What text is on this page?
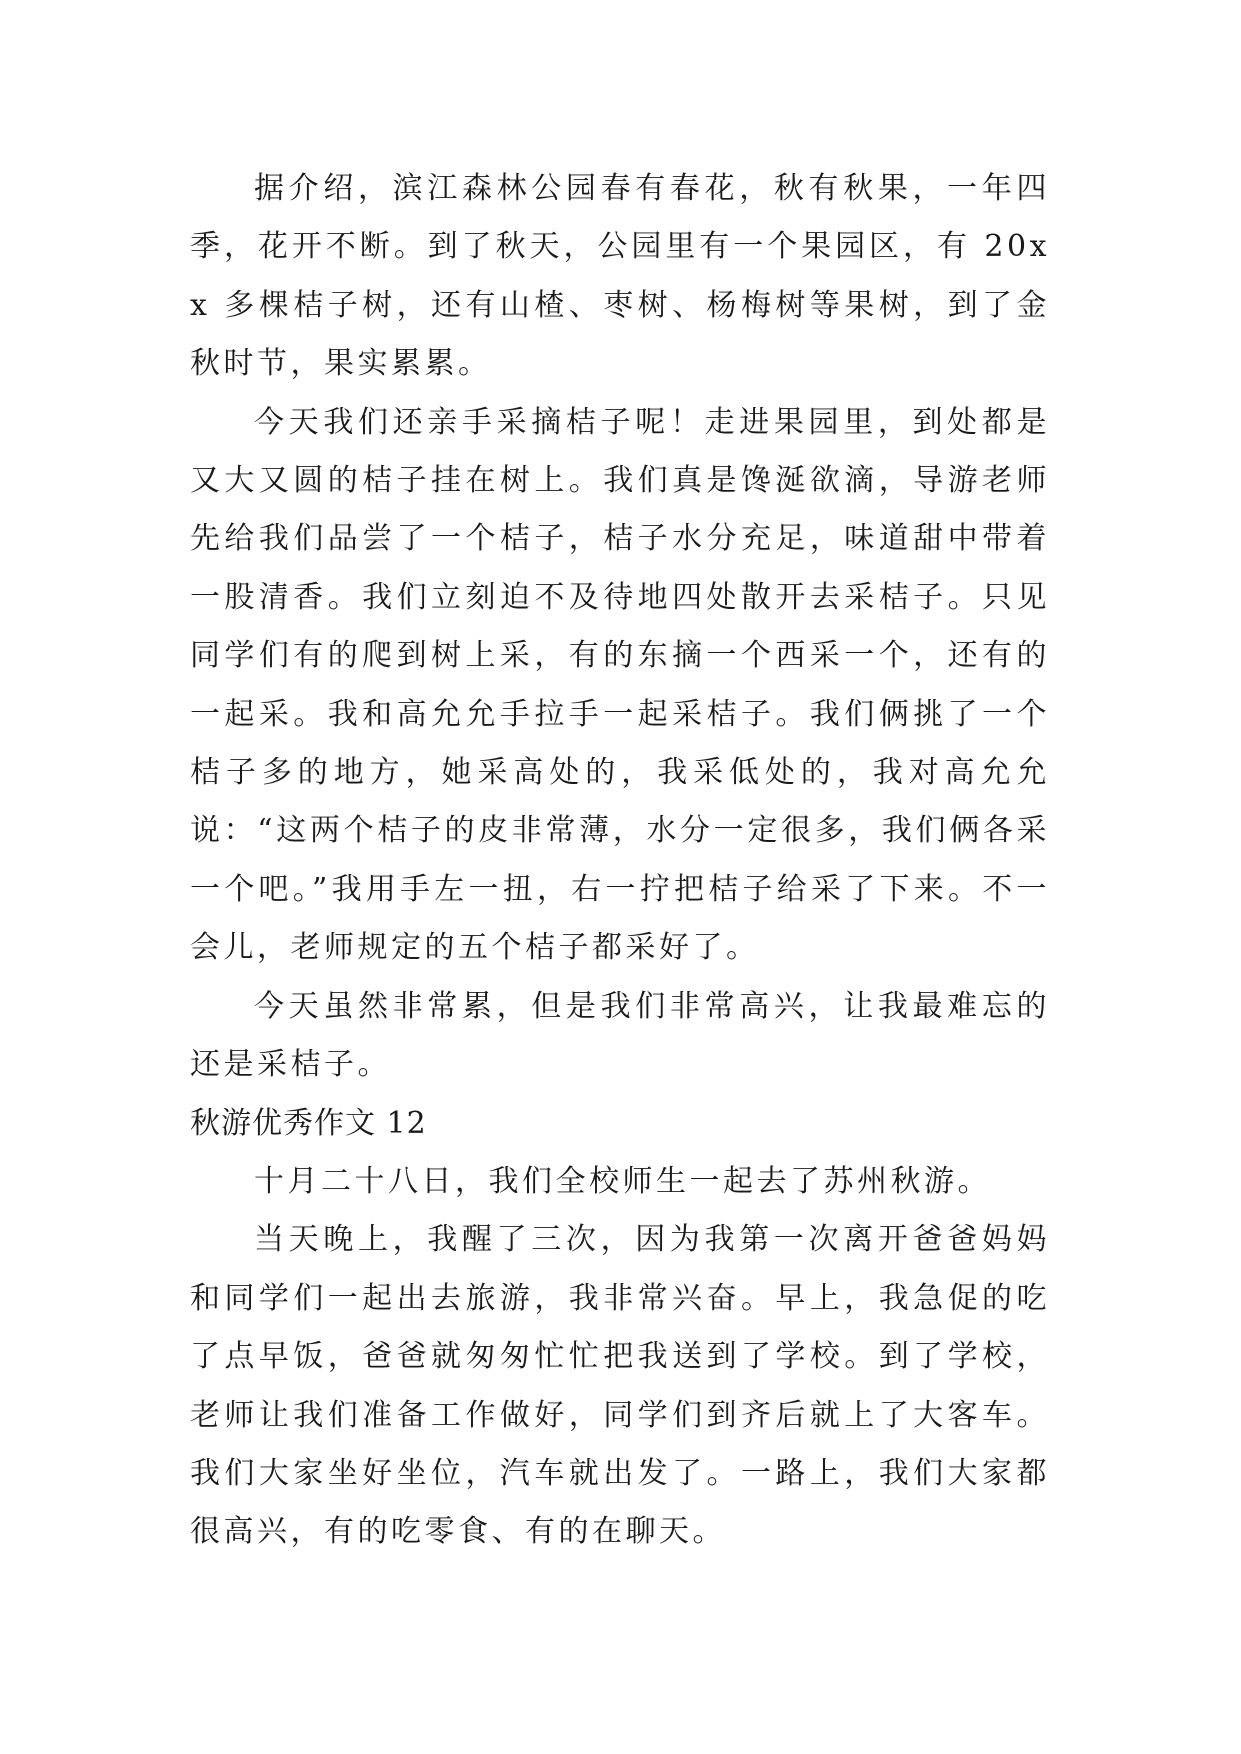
据介绍，滨江森林公园春有春花，秋有秋果，一年四季，花开不断。到了秋天，公园里有一个果园区，有 20xx 多棵桔子树，还有山楂、枣树、杨梅树等果树，到了金秋时节，果实累累。

今天我们还亲手采摘桔子呢！走进果园里，到处都是又大又圆的桔子挂在树上。我们真是馋涎欲滴，导游老师先给我们品尝了一个桔子，桔子水分充足，味道甜中带着一股清香。我们立刻迫不及待地四处散开去采桔子。只见同学们有的爬到树上采，有的东摘一个西采一个，还有的一起采。我和高允允手拉手一起采桔子。我们俩挑了一个桔子多的地方，她采高处的，我采低处的，我对高允允说：“这两个桔子的皮非常薄，水分一定很多，我们俩各采一个吧。”我用手左一扭，右一拧把桔子给采了下来。不一会儿，老师规定的五个桔子都采好了。

今天虽然非常累，但是我们非常高兴，让我最难忘的还是采桔子。

秋游优秀作文 12

十月二十八日，我们全校师生一起去了苏州秋游。

当天晚上，我醒了三次，因为我第一次离开爸爸妈妈和同学们一起出去旅游，我非常兴奋。早上，我急促的吃了点早饭，爸爸就匆匆忙忙把我送到了学校。到了学校，老师让我们准备工作做好，同学们到齐后就上了大客车。我们大家坐好坐位，汽车就出发了。一路上，我们大家都很高兴，有的吃零食、有的在聊天。
